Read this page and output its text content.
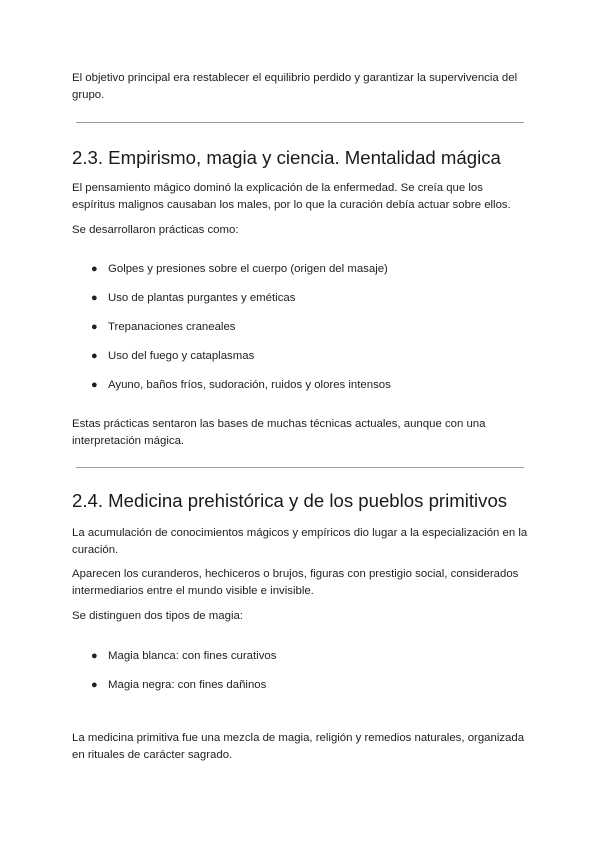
El objetivo principal era restablecer el equilibrio perdido y garantizar la supervivencia del grupo.

2.3. Empirismo, magia y ciencia. Mentalidad mágica

El pensamiento mágico dominó la explicación de la enfermedad. Se creía que los espíritus malignos causaban los males, por lo que la curación debía actuar sobre ellos.

Se desarrollaron prácticas como:

● Golpes y presiones sobre el cuerpo (origen del masaje)
● Uso de plantas purgantes y eméticas
● Trepanaciones craneales
● Uso del fuego y cataplasmas
● Ayuno, baños fríos, sudoración, ruidos y olores intensos

Estas prácticas sentaron las bases de muchas técnicas actuales, aunque con una interpretación mágica.

2.4. Medicina prehistórica y de los pueblos primitivos

La acumulación de conocimientos mágicos y empíricos dio lugar a la especialización en la curación.

Aparecen los curanderos, hechiceros o brujos, figuras con prestigio social, considerados intermediarios entre el mundo visible e invisible.

Se distinguen dos tipos de magia:

● Magia blanca: con fines curativos
● Magia negra: con fines dañinos

La medicina primitiva fue una mezcla de magia, religión y remedios naturales, organizada en rituales de carácter sagrado.
